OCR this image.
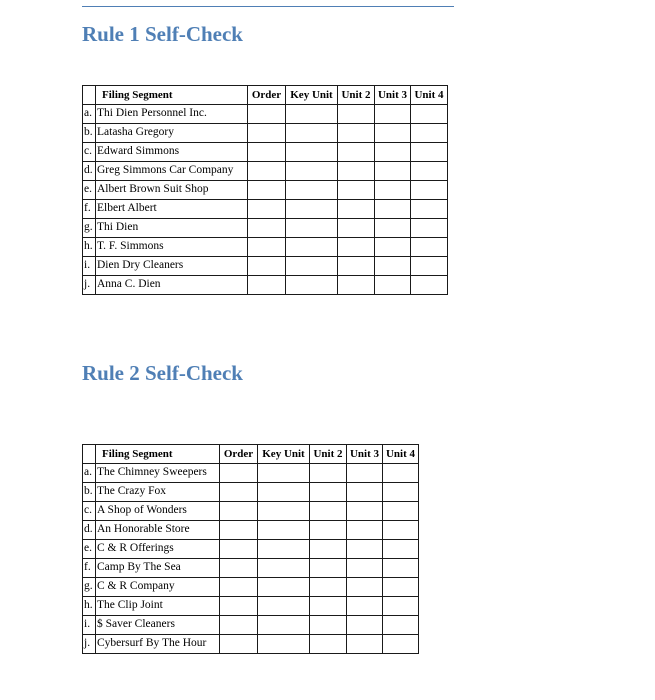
Rule 1 Self-Check
	Filing Segment	Order	Key Unit	Unit 2	Unit 3	Unit 4
a.	Thi Dien Personnel Inc.					
b.	Latasha Gregory					
c.	Edward Simmons					
d.	Greg Simmons Car Company					
e.	Albert Brown Suit Shop					
f.	Elbert Albert					
g.	Thi Dien					
h.	T. F. Simmons					
i.	Dien Dry Cleaners					
j.	Anna C. Dien					
Rule 2 Self-Check
	Filing Segment	Order	Key Unit	Unit 2	Unit 3	Unit 4
a.	The Chimney Sweepers					
b.	The Crazy Fox					
c.	A Shop of Wonders					
d.	An Honorable Store					
e.	C & R Offerings					
f.	Camp By The Sea					
g.	C & R Company					
h.	The Clip Joint					
i.	$ Saver Cleaners					
j.	Cybersurf By The Hour					
